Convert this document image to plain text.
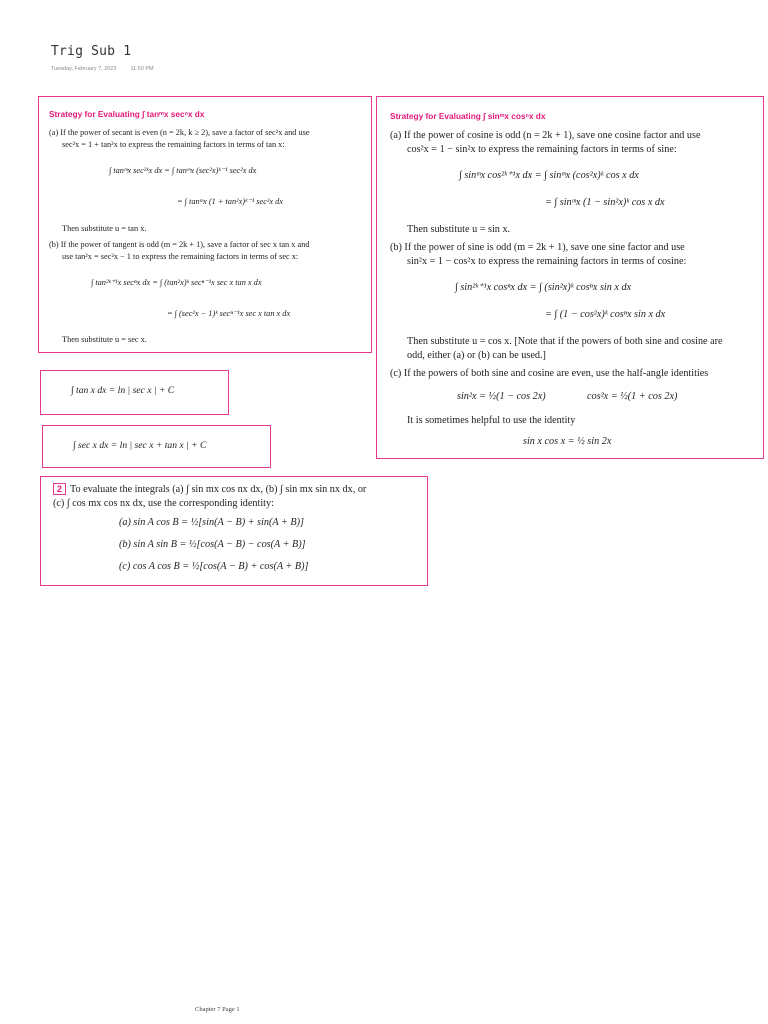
Trig Sub 1
Tuesday, February 7, 2023	11:50 PM
Strategy for Evaluating ∫ tanᵐx secⁿx dx
(a) If the power of secant is even (n = 2k, k ≥ 2), save a factor of sec²x and use
sec²x = 1 + tan²x to express the remaining factors in terms of tan x:
∫ tanᵐx sec²ᵏx dx = ∫ tanᵐx (sec²x)ᵏ⁻¹ sec²x dx
= ∫ tanᵐx (1 + tan²x)ᵏ⁻¹ sec²x dx
Then substitute u = tan x.
(b) If the power of tangent is odd (m = 2k + 1), save a factor of sec x tan x and
use tan²x = sec²x − 1 to express the remaining factors in terms of sec x:
∫ tan²ᵏ⁺¹x secⁿx dx = ∫ (tan²x)ᵏ secⁿ⁻¹x sec x tan x dx
= ∫ (sec²x − 1)ᵏ secⁿ⁻¹x sec x tan x dx
Then substitute u = sec x.
Strategy for Evaluating ∫ sinᵐx cosⁿx dx
(a) If the power of cosine is odd (n = 2k + 1), save one cosine factor and use
cos²x = 1 − sin²x to express the remaining factors in terms of sine:
∫ sinᵐx cos²ᵏ⁺¹x dx = ∫ sinᵐx (cos²x)ᵏ cos x dx
= ∫ sinᵐx (1 − sin²x)ᵏ cos x dx
Then substitute u = sin x.
(b) If the power of sine is odd (m = 2k + 1), save one sine factor and use
sin²x = 1 − cos²x to express the remaining factors in terms of cosine:
∫ sin²ᵏ⁺¹x cosⁿx dx = ∫ (sin²x)ᵏ cosⁿx sin x dx
= ∫ (1 − cos²x)ᵏ cosⁿx sin x dx
Then substitute u = cos x. [Note that if the powers of both sine and cosine are
odd, either (a) or (b) can be used.]
(c) If the powers of both sine and cosine are even, use the half-angle identities
sin²x = ½(1 − cos 2x)	cos²x = ½(1 + cos 2x)
It is sometimes helpful to use the identity
sin x cos x = ½ sin 2x
∫ tan x dx = ln | sec x | + C
∫ sec x dx = ln | sec x + tan x | + C
2 To evaluate the integrals (a) ∫ sin mx cos nx dx, (b) ∫ sin mx sin nx dx, or
(c) ∫ cos mx cos nx dx, use the corresponding identity:
(a) sin A cos B = ½[sin(A − B) + sin(A + B)]
(b) sin A sin B = ½[cos(A − B) − cos(A + B)]
(c) cos A cos B = ½[cos(A − B) + cos(A + B)]
Chapter 7 Page 1
